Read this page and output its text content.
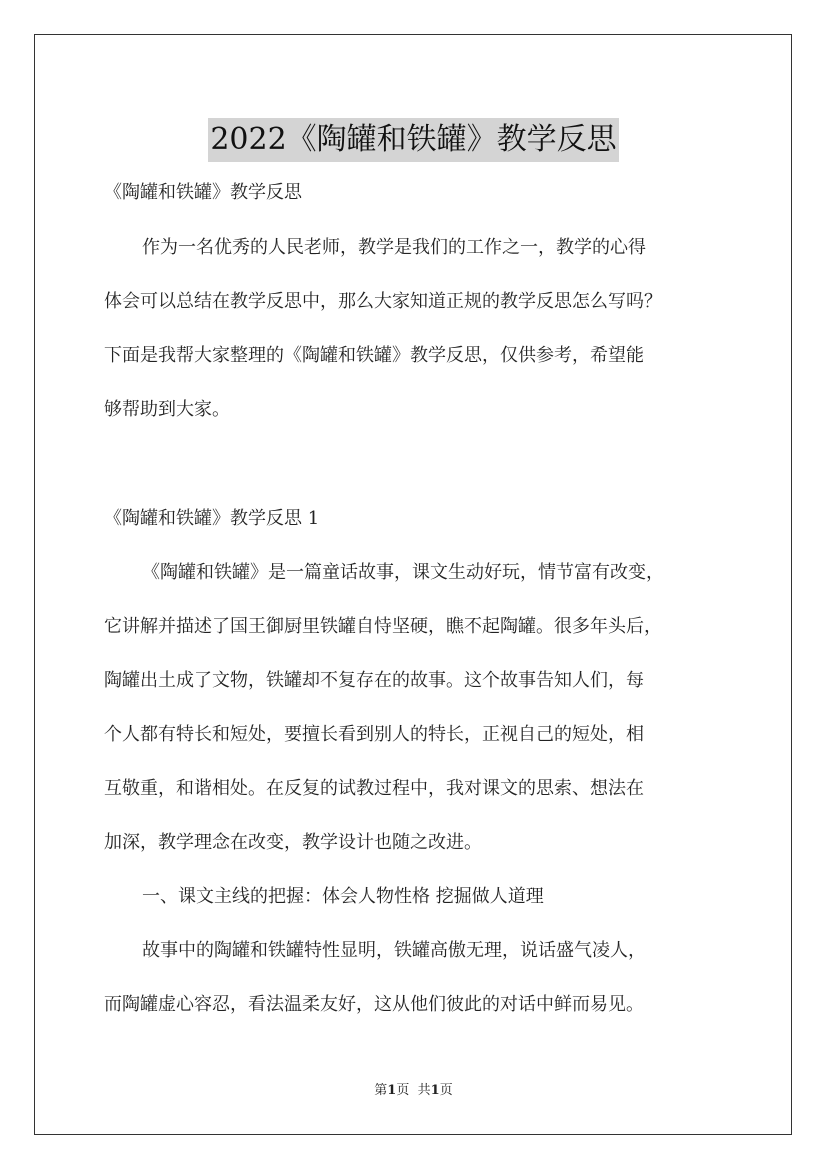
2022《陶罐和铁罐》教学反思
《陶罐和铁罐》教学反思
作为一名优秀的人民老师，教学是我们的工作之一，教学的心得
体会可以总结在教学反思中，那么大家知道正规的教学反思怎么写吗？
下面是我帮大家整理的《陶罐和铁罐》教学反思，仅供参考，希望能
够帮助到大家。
《陶罐和铁罐》教学反思 1
《陶罐和铁罐》是一篇童话故事，课文生动好玩，情节富有改变，
它讲解并描述了国王御厨里铁罐自恃坚硬，瞧不起陶罐。很多年头后，
陶罐出土成了文物，铁罐却不复存在的故事。这个故事告知人们，每
个人都有特长和短处，要擅长看到别人的特长，正视自己的短处，相
互敬重，和谐相处。在反复的试教过程中，我对课文的思索、想法在
加深，教学理念在改变，教学设计也随之改进。
一、课文主线的把握：体会人物性格 挖掘做人道理
故事中的陶罐和铁罐特性显明，铁罐高傲无理，说话盛气凌人，
而陶罐虚心容忍，看法温柔友好，这从他们彼此的对话中鲜而易见。
第1页 共1页
